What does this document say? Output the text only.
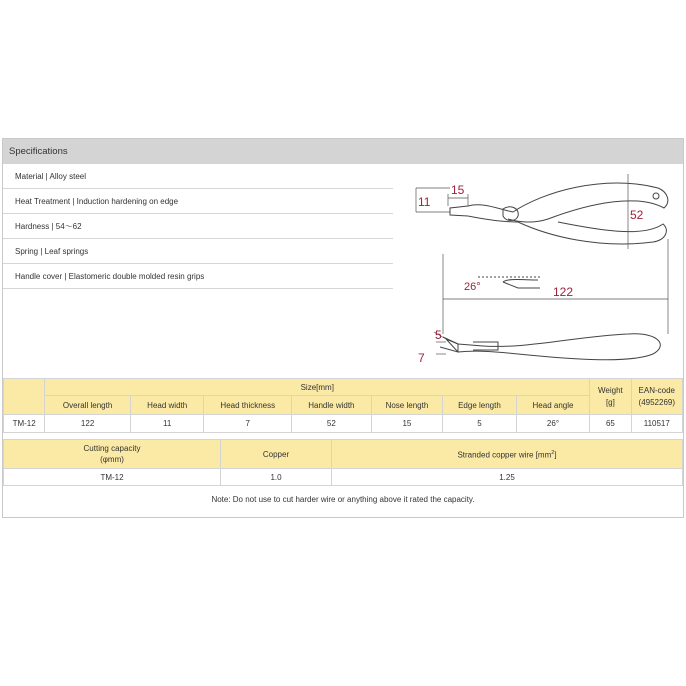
Specifications
Material | Alloy steel
Heat Treatment | Induction hardening on edge
Hardness | 54〜62
Spring | Leaf springs
Handle cover | Elastomeric double molded resin grips
15
11
52
26°	122
5
7
	Size[mm]							Weight
[g]	EAN-code
(4952269)
	Overall length	Head width	Head thickness	Handle width	Nose length	Edge length	Head angle		
TM-12	122	11	7	52	15	5	26°	65	110517
Cutting capacity
(φmm)	Copper	Stranded copper wire $[mm^2]$
TM-12	1.0	1.25
Note: Do not use to cut harder wire or anything above it rated the capacity.
